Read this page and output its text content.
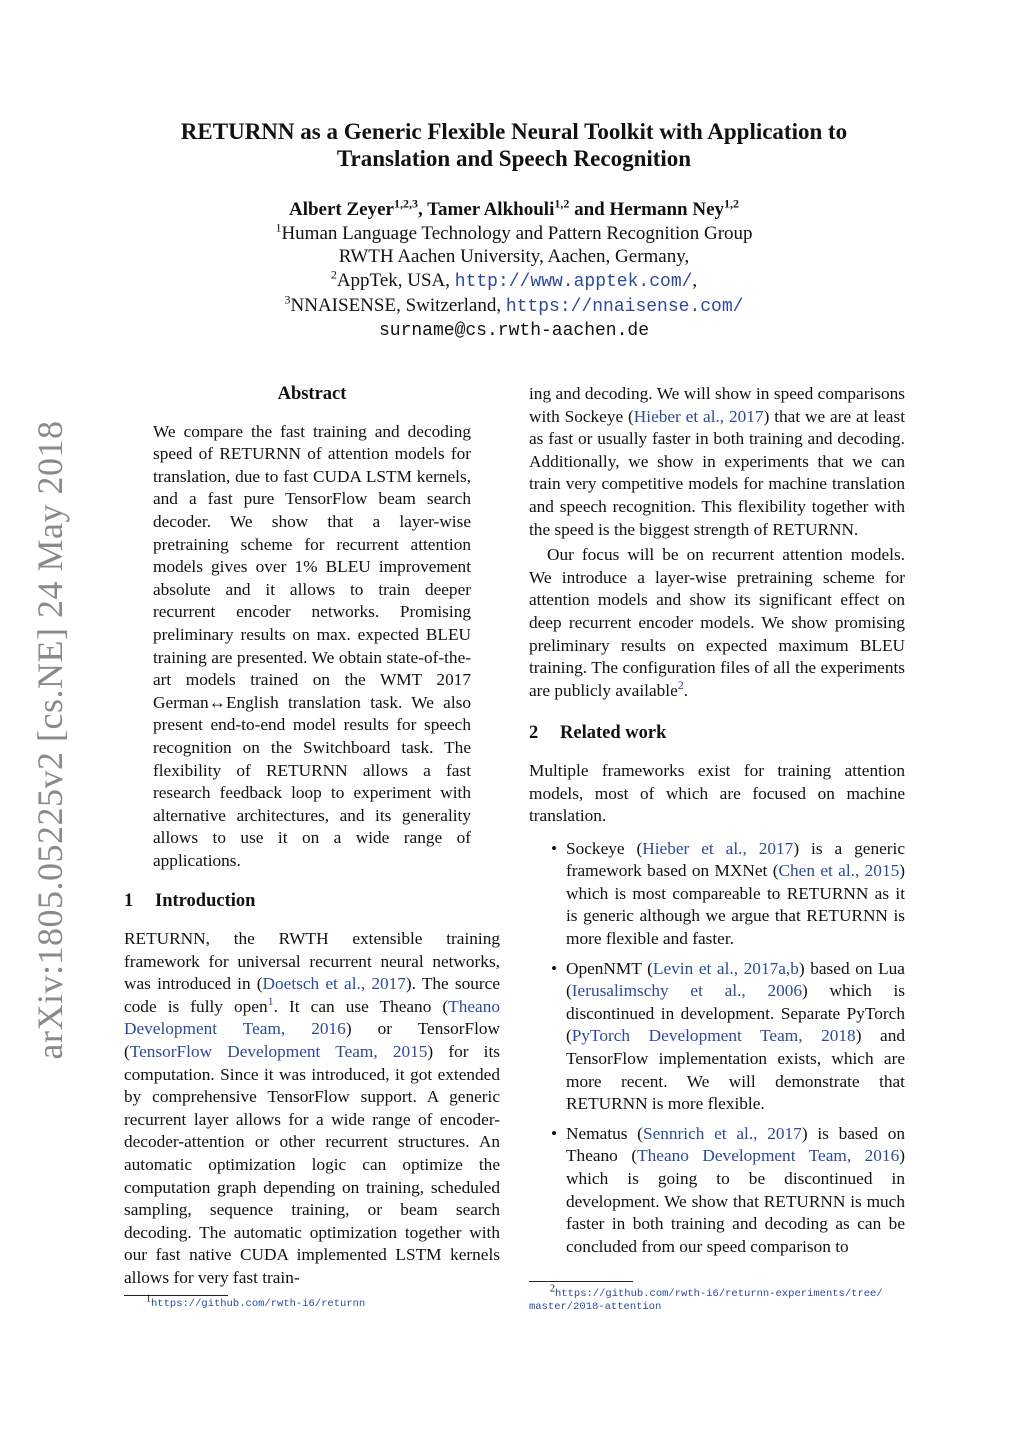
arXiv:1805.05225v2 [cs.NE] 24 May 2018
RETURNN as a Generic Flexible Neural Toolkit with Application to
Translation and Speech Recognition
Albert Zeyer$^{1,2,3}$, Tamer Alkhouli$^{1,2}$ and Hermann Ney$^{1,2}$
$^1$Human Language Technology and Pattern Recognition Group
RWTH Aachen University, Aachen, Germany,
$^2$AppTek, USA, http://www.apptek.com/,
$^3$NNAISENSE, Switzerland, https://nnaisense.com/
surname@cs.rwth-aachen.de
Abstract

We compare the fast training and decoding speed of RETURNN of attention models for translation, due to fast CUDA LSTM kernels, and a fast pure TensorFlow beam search decoder. We show that a layer-wise pretraining scheme for recurrent attention models gives over 1% BLEU improvement absolute and it allows to train deeper recurrent encoder networks. Promising preliminary results on max. expected BLEU training are presented. We obtain state-of-the-art models trained on the WMT 2017 German↔English translation task. We also present end-to-end model results for speech recognition on the Switchboard task. The flexibility of RETURNN allows a fast research feedback loop to experiment with alternative architectures, and its generality allows to use it on a wide range of applications.

1 Introduction

RETURNN, the RWTH extensible training framework for universal recurrent neural networks, was introduced in (Doetsch et al., 2017). The source code is fully open$^1$. It can use Theano (Theano Development Team, 2016) or TensorFlow (TensorFlow Development Team, 2015) for its computation. Since it was introduced, it got extended by comprehensive TensorFlow support. A generic recurrent layer allows for a wide range of encoder-decoder-attention or other recurrent structures. An automatic optimization logic can optimize the computation graph depending on training, scheduled sampling, sequence training, or beam search decoding. The automatic optimization together with our fast native CUDA implemented LSTM kernels allows for very fast train-

ing and decoding. We will show in speed comparisons with Sockeye (Hieber et al., 2017) that we are at least as fast or usually faster in both training and decoding. Additionally, we show in experiments that we can train very competitive models for machine translation and speech recognition. This flexibility together with the speed is the biggest strength of RETURNN.

Our focus will be on recurrent attention models. We introduce a layer-wise pretraining scheme for attention models and show its significant effect on deep recurrent encoder models. We show promising preliminary results on expected maximum BLEU training. The configuration files of all the experiments are publicly available$^2$.

2 Related work

Multiple frameworks exist for training attention models, most of which are focused on machine translation.

• Sockeye (Hieber et al., 2017) is a generic framework based on MXNet (Chen et al., 2015) which is most compareable to RETURNN as it is generic although we argue that RETURNN is more flexible and faster.
• OpenNMT (Levin et al., 2017a,b) based on Lua (Ierusalimschy et al., 2006) which is discontinued in development. Separate PyTorch (PyTorch Development Team, 2018) and TensorFlow implementation exists, which are more recent. We will demonstrate that RETURNN is more flexible.
• Nematus (Sennrich et al., 2017) is based on Theano (Theano Development Team, 2016) which is going to be discontinued in development. We show that RETURNN is much faster in both training and decoding as can be concluded from our speed comparison to
$^1$https://github.com/rwth-i6/returnn
$^2$https://github.com/rwth-i6/returnn-experiments/tree/
master/2018-attention
